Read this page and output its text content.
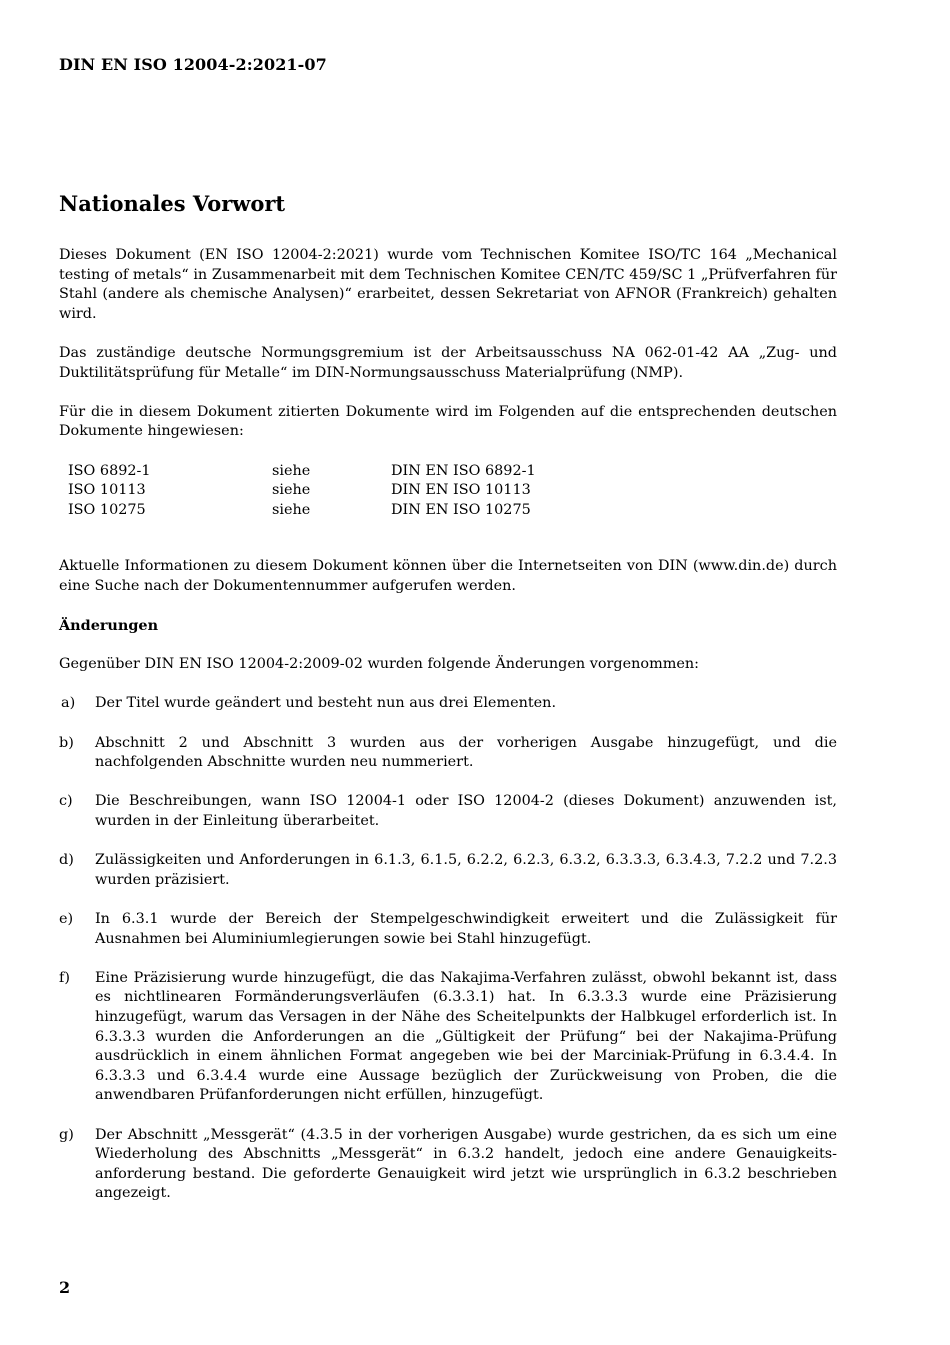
DIN EN ISO 12004-2:2021-07
Nationales Vorwort

Dieses Dokument (EN ISO 12004-2:2021) wurde vom Technischen Komitee ISO/TC 164 „Mechanical testing of metals“ in Zusammenarbeit mit dem Technischen Komitee CEN/TC 459/SC 1 „Prüfverfahren für Stahl (andere als chemische Analysen)“ erarbeitet, dessen Sekretariat von AFNOR (Frankreich) gehalten wird.

Das zuständige deutsche Normungsgremium ist der Arbeitsausschuss NA 062-01-42 AA „Zug- und Duktilitätsprüfung für Metalle“ im DIN-Normungsausschuss Materialprüfung (NMP).

Für die in diesem Dokument zitierten Dokumente wird im Folgenden auf die entsprechenden deutschen Dokumente hingewiesen:

ISO 6892-1	siehe	DIN EN ISO 6892-1
ISO 10113	siehe	DIN EN ISO 10113
ISO 10275	siehe	DIN EN ISO 10275

Aktuelle Informationen zu diesem Dokument können über die Internetseiten von DIN (www.din.de) durch eine Suche nach der Dokumentennummer aufgerufen werden.

Änderungen

Gegenüber DIN EN ISO 12004-2:2009-02 wurden folgende Änderungen vorgenommen:

a)	Der Titel wurde geändert und besteht nun aus drei Elementen.
b)	Abschnitt 2 und Abschnitt 3 wurden aus der vorherigen Ausgabe hinzugefügt, und die nachfolgenden Abschnitte wurden neu nummeriert.
c)	Die Beschreibungen, wann ISO 12004-1 oder ISO 12004-2 (dieses Dokument) anzuwenden ist, wurden in der Einleitung überarbeitet.
d)	Zulässigkeiten und Anforderungen in 6.1.3, 6.1.5, 6.2.2, 6.2.3, 6.3.2, 6.3.3.3, 6.3.4.3, 7.2.2 und 7.2.3 wurden präzisiert.
e)	In 6.3.1 wurde der Bereich der Stempelgeschwindigkeit erweitert und die Zulässigkeit für Ausnahmen bei Aluminiumlegierungen sowie bei Stahl hinzugefügt.
f)	Eine Präzisierung wurde hinzugefügt, die das Nakajima-Verfahren zulässt, obwohl bekannt ist, dass es nichtlinearen Formänderungsverläufen (6.3.3.1) hat. In 6.3.3.3 wurde eine Präzisierung hinzugefügt, warum das Versagen in der Nähe des Scheitelpunkts der Halbkugel erforderlich ist. In 6.3.3.3 wurden die Anforderungen an die „Gültigkeit der Prüfung“ bei der Nakajima-Prüfung ausdrücklich in einem ähnlichen Format angegeben wie bei der Marciniak-Prüfung in 6.3.4.4. In 6.3.3.3 und 6.3.4.4 wurde eine Aussage bezüglich der Zurückweisung von Proben, die die anwendbaren Prüfanforderungen nicht erfüllen, hinzugefügt.
g)	Der Abschnitt „Messgerät“ (4.3.5 in der vorherigen Ausgabe) wurde gestrichen, da es sich um eine Wiederholung des Abschnitts „Messgerät“ in 6.3.2 handelt, jedoch eine andere Genauigkeits-anforderung bestand. Die geforderte Genauigkeit wird jetzt wie ursprünglich in 6.3.2 beschrieben angezeigt.
2
